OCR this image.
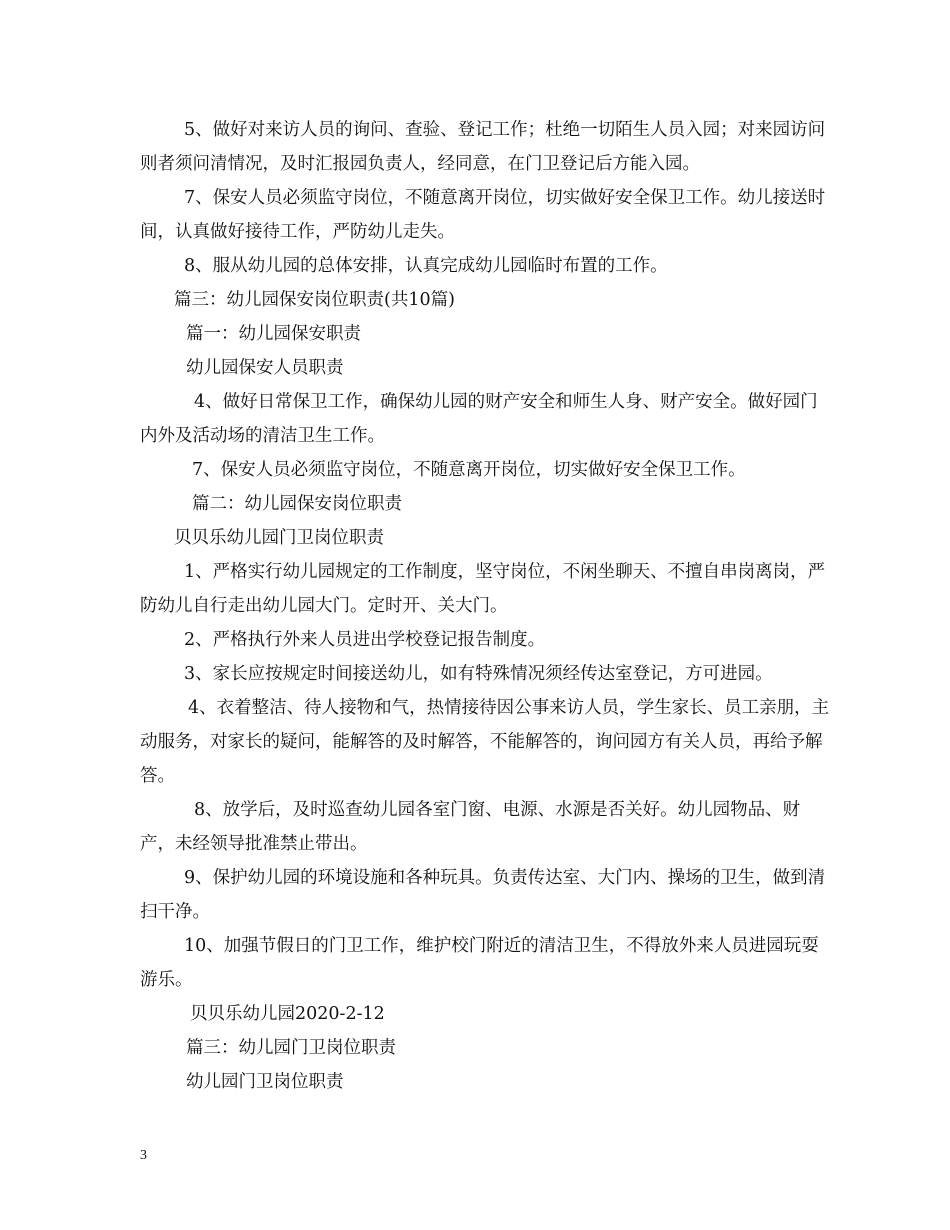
5、做好对来访人员的询问、查验、登记工作；杜绝一切陌生人员入园；对来园访问则者须问清情况，及时汇报园负责人，经同意，在门卫登记后方能入园。

7、保安人员必须监守岗位，不随意离开岗位，切实做好安全保卫工作。幼儿接送时间，认真做好接待工作，严防幼儿走失。

8、服从幼儿园的总体安排，认真完成幼儿园临时布置的工作。

篇三：幼儿园保安岗位职责(共10篇)

篇一：幼儿园保安职责

幼儿园保安人员职责

4、做好日常保卫工作，确保幼儿园的财产安全和师生人身、财产安全。做好园门内外及活动场的清洁卫生工作。

7、保安人员必须监守岗位，不随意离开岗位，切实做好安全保卫工作。

篇二：幼儿园保安岗位职责

贝贝乐幼儿园门卫岗位职责

1、严格实行幼儿园规定的工作制度，坚守岗位，不闲坐聊天、不擅自串岗离岗，严防幼儿自行走出幼儿园大门。定时开、关大门。

2、严格执行外来人员进出学校登记报告制度。

3、家长应按规定时间接送幼儿，如有特殊情况须经传达室登记，方可进园。

4、衣着整洁、待人接物和气，热情接待因公事来访人员，学生家长、员工亲朋，主动服务，对家长的疑问，能解答的及时解答，不能解答的，询问园方有关人员，再给予解答。

8、放学后，及时巡查幼儿园各室门窗、电源、水源是否关好。幼儿园物品、财产，未经领导批准禁止带出。

9、保护幼儿园的环境设施和各种玩具。负责传达室、大门内、操场的卫生，做到清扫干净。

10、加强节假日的门卫工作，维护校门附近的清洁卫生，不得放外来人员进园玩耍游乐。

贝贝乐幼儿园2020-2-12

篇三：幼儿园门卫岗位职责

幼儿园门卫岗位职责

3
